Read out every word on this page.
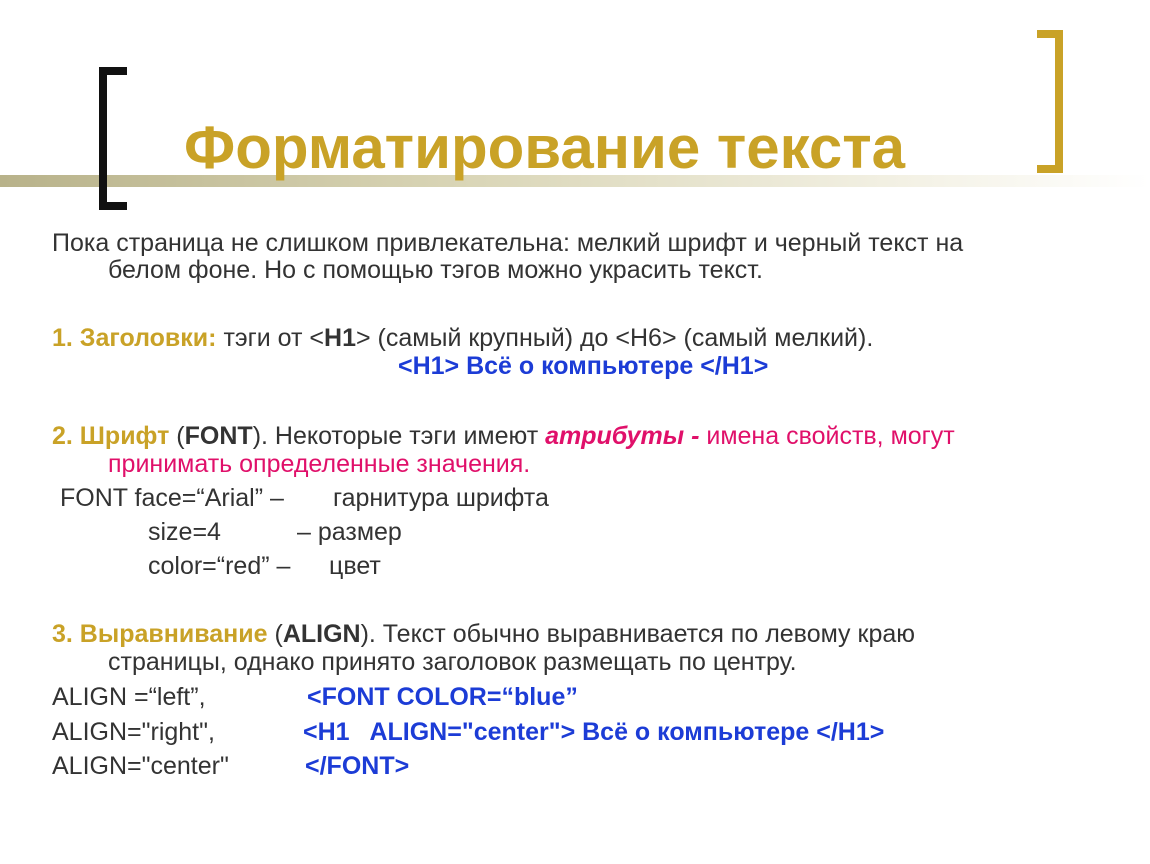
Форматирование текста
Пока страница не слишком привлекательна: мелкий шрифт и черный текст на
белом фоне. Но с помощью тэгов можно украсить текст.
1. Заголовки: тэги от <H1> (самый крупный) до <H6> (самый мелкий).
<H1> Всё о компьютере </H1>
2. Шрифт (FONT). Некоторые тэги имеют атрибуты - имена свойств, могут
принимать определенные значения.
FONT face=“Arial” – гарнитура шрифта
size=4	– размер
color=“red” – цвет
3. Выравнивание (ALIGN). Текст обычно выравнивается по левому краю
страницы, однако принято заголовок размещать по центру.
ALIGN =“left”,	<FONT COLOR=“blue”
ALIGN="right",	<H1   ALIGN="center"> Всё о компьютере </H1>
ALIGN="center"	</FONT>
